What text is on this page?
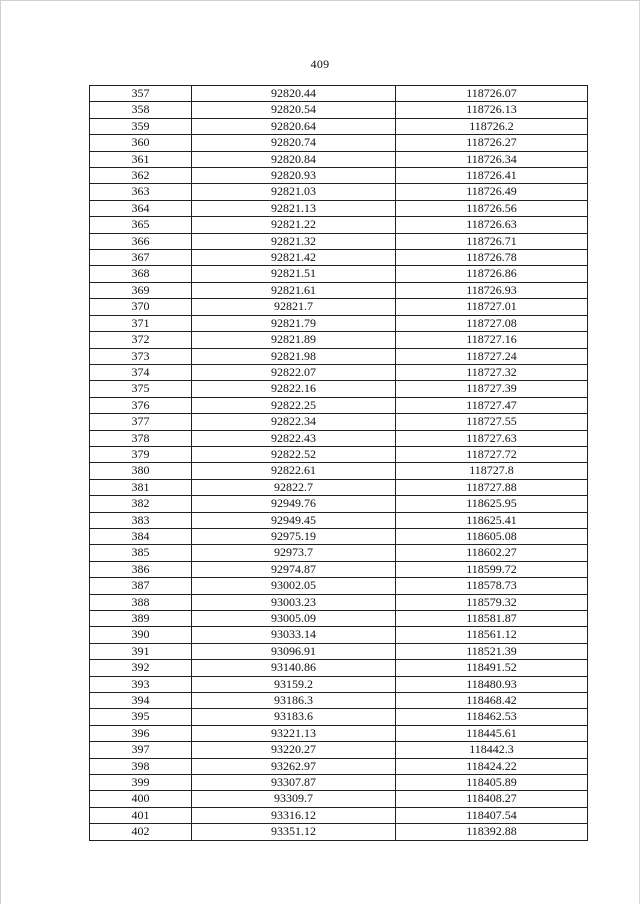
409
357	92820.44	118726.07
358	92820.54	118726.13
359	92820.64	118726.2
360	92820.74	118726.27
361	92820.84	118726.34
362	92820.93	118726.41
363	92821.03	118726.49
364	92821.13	118726.56
365	92821.22	118726.63
366	92821.32	118726.71
367	92821.42	118726.78
368	92821.51	118726.86
369	92821.61	118726.93
370	92821.7	118727.01
371	92821.79	118727.08
372	92821.89	118727.16
373	92821.98	118727.24
374	92822.07	118727.32
375	92822.16	118727.39
376	92822.25	118727.47
377	92822.34	118727.55
378	92822.43	118727.63
379	92822.52	118727.72
380	92822.61	118727.8
381	92822.7	118727.88
382	92949.76	118625.95
383	92949.45	118625.41
384	92975.19	118605.08
385	92973.7	118602.27
386	92974.87	118599.72
387	93002.05	118578.73
388	93003.23	118579.32
389	93005.09	118581.87
390	93033.14	118561.12
391	93096.91	118521.39
392	93140.86	118491.52
393	93159.2	118480.93
394	93186.3	118468.42
395	93183.6	118462.53
396	93221.13	118445.61
397	93220.27	118442.3
398	93262.97	118424.22
399	93307.87	118405.89
400	93309.7	118408.27
401	93316.12	118407.54
402	93351.12	118392.88
